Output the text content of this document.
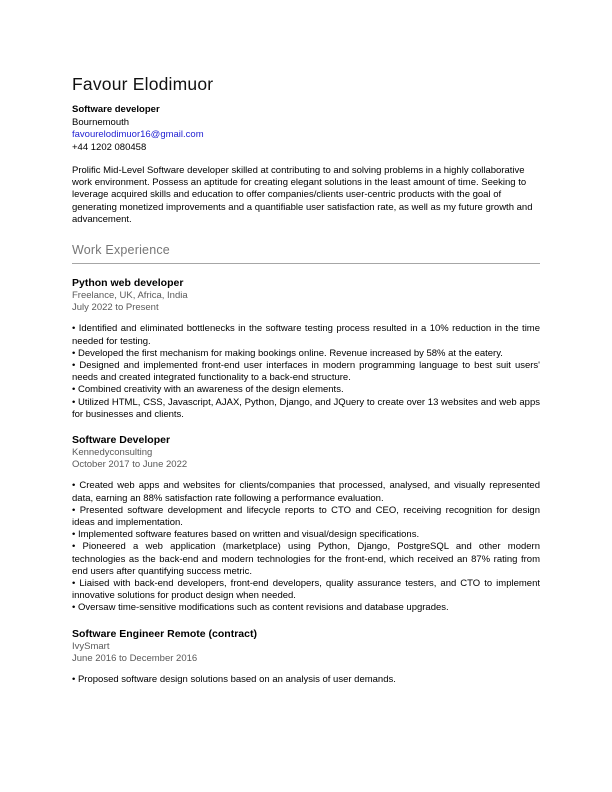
Favour Elodimuor
Software developer
Bournemouth
favourelodimuor16@gmail.com
+44 1202 080458

Prolific Mid-Level Software developer skilled at contributing to and solving problems in a highly collaborative work environment. Possess an aptitude for creating elegant solutions in the least amount of time. Seeking to leverage acquired skills and education to offer companies/clients user-centric products with the goal of generating monetized improvements and a quantifiable user satisfaction rate, as well as my future growth and advancement.

Work Experience
Python web developer
Freelance, UK, Africa, India
July 2022 to Present
• Identified and eliminated bottlenecks in the software testing process resulted in a 10% reduction in the time needed for testing.
• Developed the first mechanism for making bookings online. Revenue increased by 58% at the eatery.
• Designed and implemented front-end user interfaces in modern programming language to best suit users' needs and created integrated functionality to a back-end structure.
• Combined creativity with an awareness of the design elements.
• Utilized HTML, CSS, Javascript, AJAX, Python, Django, and JQuery to create over 13 websites and web apps for businesses and clients.
Software Developer
Kennedyconsulting
October 2017 to June 2022
• Created web apps and websites for clients/companies that processed, analysed, and visually represented data, earning an 88% satisfaction rate following a performance evaluation.
• Presented software development and lifecycle reports to CTO and CEO, receiving recognition for design ideas and implementation.
• Implemented software features based on written and visual/design specifications.
• Pioneered a web application (marketplace) using Python, Django, PostgreSQL and other modern technologies as the back-end and modern technologies for the front-end, which received an 87% rating from end users after quantifying success metric.
• Liaised with back-end developers, front-end developers, quality assurance testers, and CTO to implement innovative solutions for product design when needed.
• Oversaw time-sensitive modifications such as content revisions and database upgrades.
Software Engineer Remote (contract)
IvySmart
June 2016 to December 2016
• Proposed software design solutions based on an analysis of user demands.
